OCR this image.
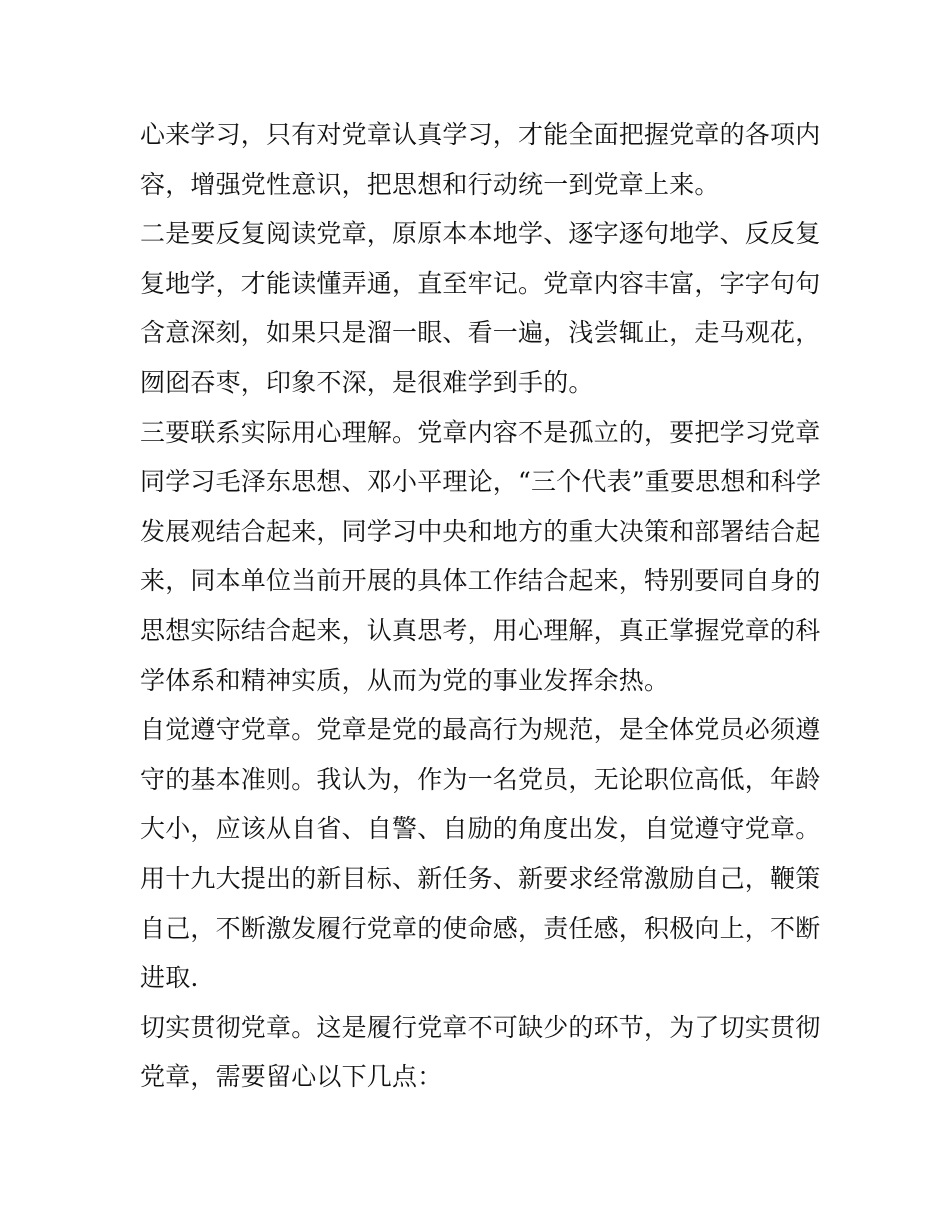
心来学习，只有对党章认真学习，才能全面把握党章的各项内
容，增强党性意识，把思想和行动统一到党章上来。

二是要反复阅读党章，原原本本地学、逐字逐句地学、反反复
复地学，才能读懂弄通，直至牢记。党章内容丰富，字字句句
含意深刻，如果只是溜一眼、看一遍，浅尝辄止，走马观花，
囫囵吞枣，印象不深，是很难学到手的。

三要联系实际用心理解。党章内容不是孤立的，要把学习党章
同学习毛泽东思想、邓小平理论，“三个代表”重要思想和科学
发展观结合起来，同学习中央和地方的重大决策和部署结合起
来，同本单位当前开展的具体工作结合起来，特别要同自身的
思想实际结合起来，认真思考，用心理解，真正掌握党章的科
学体系和精神实质，从而为党的事业发挥余热。

自觉遵守党章。党章是党的最高行为规范，是全体党员必须遵
守的基本准则。我认为，作为一名党员，无论职位高低，年龄
大小，应该从自省、自警、自励的角度出发，自觉遵守党章。
用十九大提出的新目标、新任务、新要求经常激励自己，鞭策
自己，不断激发履行党章的使命感，责任感，积极向上，不断
进取.

切实贯彻党章。这是履行党章不可缺少的环节，为了切实贯彻
党章，需要留心以下几点：
